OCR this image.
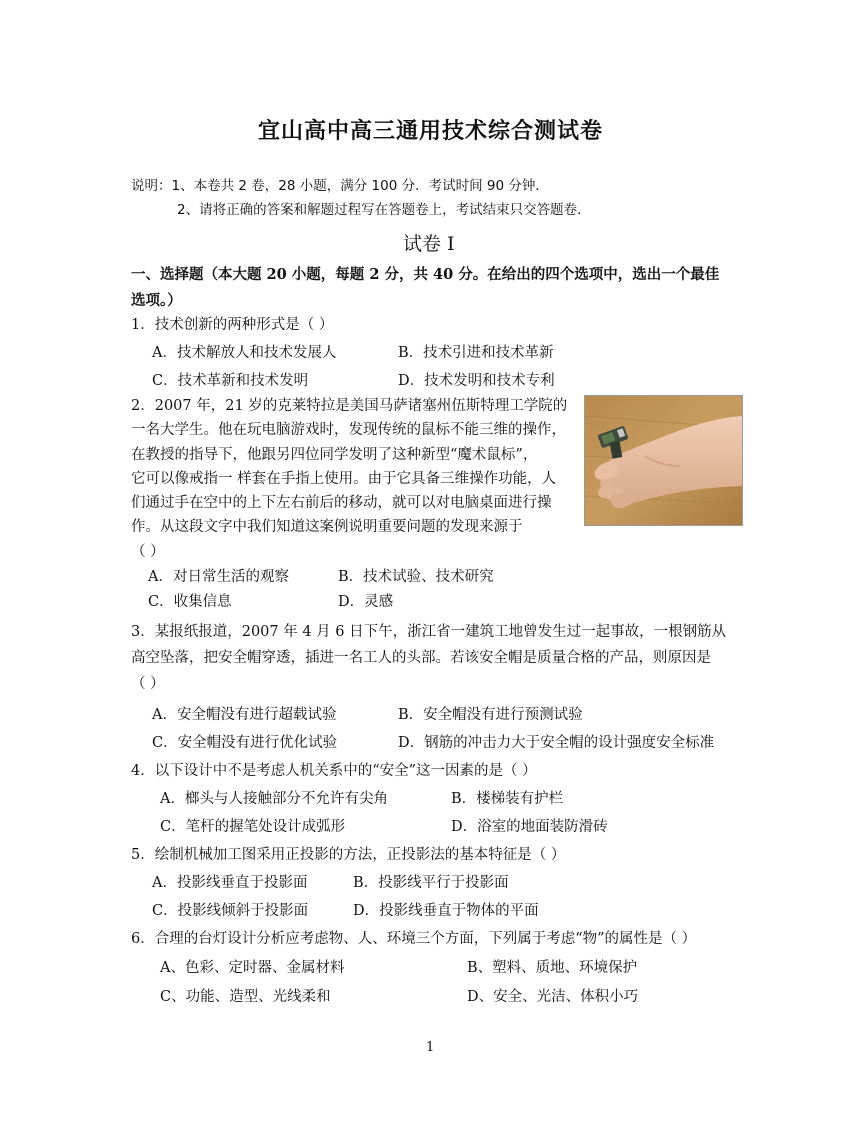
宜山高中高三通用技术综合测试卷
说明：1、本卷共 2 卷，28 小题，满分 100 分．考试时间 90 分钟．
2、请将正确的答案和解题过程写在答题卷上，考试结束只交答题卷．
试卷 I
一、选择题（本大题 20 小题，每题 2 分，共 40 分。在给出的四个选项中，选出一个最佳
选项。）
1．技术创新的两种形式是（ ）
A．技术解放人和技术发展人	B．技术引进和技术革新
C．技术革新和技术发明	D．技术发明和技术专利
2．2007 年，21 岁的克莱特拉是美国马萨诸塞州伍斯特理工学院的
一名大学生。他在玩电脑游戏时，发现传统的鼠标不能三维的操作，
在教授的指导下，他跟另四位同学发明了这种新型“魔术鼠标”，
它可以像戒指一 样套在手指上使用。由于它具备三维操作功能，人
们通过手在空中的上下左右前后的移动，就可以对电脑桌面进行操
作。从这段文字中我们知道这案例说明重要问题的发现来源于
（ ）
A．对日常生活的观察	B．技术试验、技术研究
C．收集信息	D．灵感
3．某报纸报道，2007 年 4 月 6 日下午，浙江省一建筑工地曾发生过一起事故，一根钢筋从
高空坠落，把安全帽穿透，插进一名工人的头部。若该安全帽是质量合格的产品，则原因是
（ ）
A．安全帽没有进行超载试验	B．安全帽没有进行预测试验
C．安全帽没有进行优化试验	D．钢筋的冲击力大于安全帽的设计强度安全标准
4．以下设计中不是考虑人机关系中的“安全”这一因素的是（ ）
A．榔头与人接触部分不允许有尖角	B．楼梯装有护栏
C．笔杆的握笔处设计成弧形	D．浴室的地面装防滑砖
5．绘制机械加工图采用正投影的方法，正投影法的基本特征是（ ）
A．投影线垂直于投影面	B．投影线平行于投影面
C．投影线倾斜于投影面	D．投影线垂直于物体的平面
6．合理的台灯设计分析应考虑物、人、环境三个方面，下列属于考虑“物”的属性是（ ）
A、色彩、定时器、金属材料	B、塑料、质地、环境保护
C、功能、造型、光线柔和	D、安全、光洁、体积小巧
1
